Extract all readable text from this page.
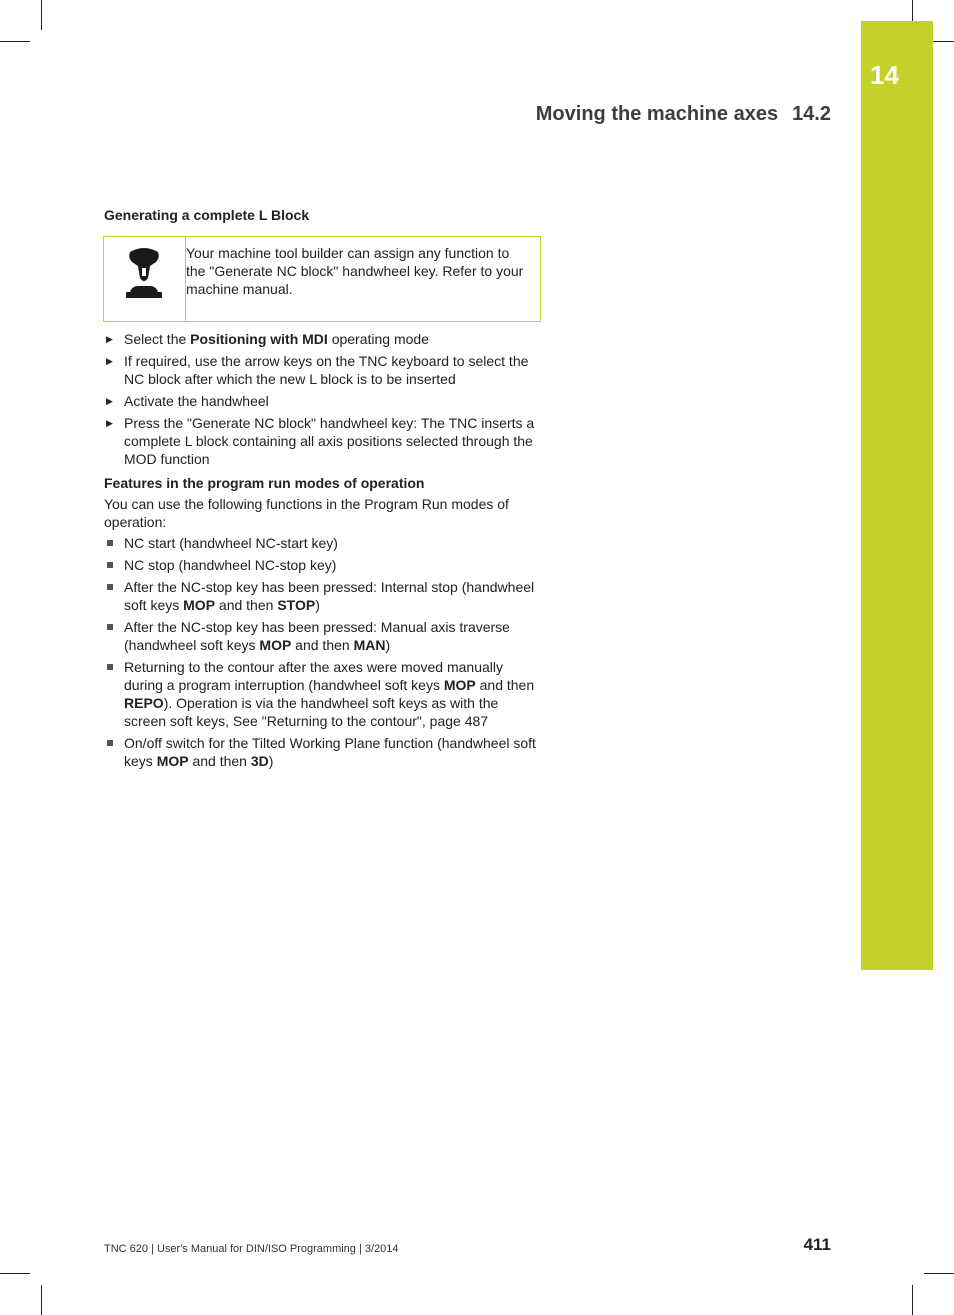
14
Moving the machine axes 14.2
Generating a complete L Block
Your machine tool builder can assign any function to the "Generate NC block" handwheel key. Refer to your machine manual.
▶ Select the Positioning with MDI operating mode
▶ If required, use the arrow keys on the TNC keyboard to select the NC block after which the new L block is to be inserted
▶ Activate the handwheel
▶ Press the "Generate NC block" handwheel key: The TNC inserts a complete L block containing all axis positions selected through the MOD function
Features in the program run modes of operation

You can use the following functions in the Program Run modes of operation:

NC start (handwheel NC-start key)
NC stop (handwheel NC-stop key)
After the NC-stop key has been pressed: Internal stop (handwheel soft keys MOP and then STOP)
After the NC-stop key has been pressed: Manual axis traverse (handwheel soft keys MOP and then MAN)
Returning to the contour after the axes were moved manually during a program interruption (handwheel soft keys MOP and then REPO). Operation is via the handwheel soft keys as with the screen soft keys, See "Returning to the contour", page 487
On/off switch for the Tilted Working Plane function (handwheel soft keys MOP and then 3D)
TNC 620 | User's Manual for DIN/ISO Programming | 3/2014	411
